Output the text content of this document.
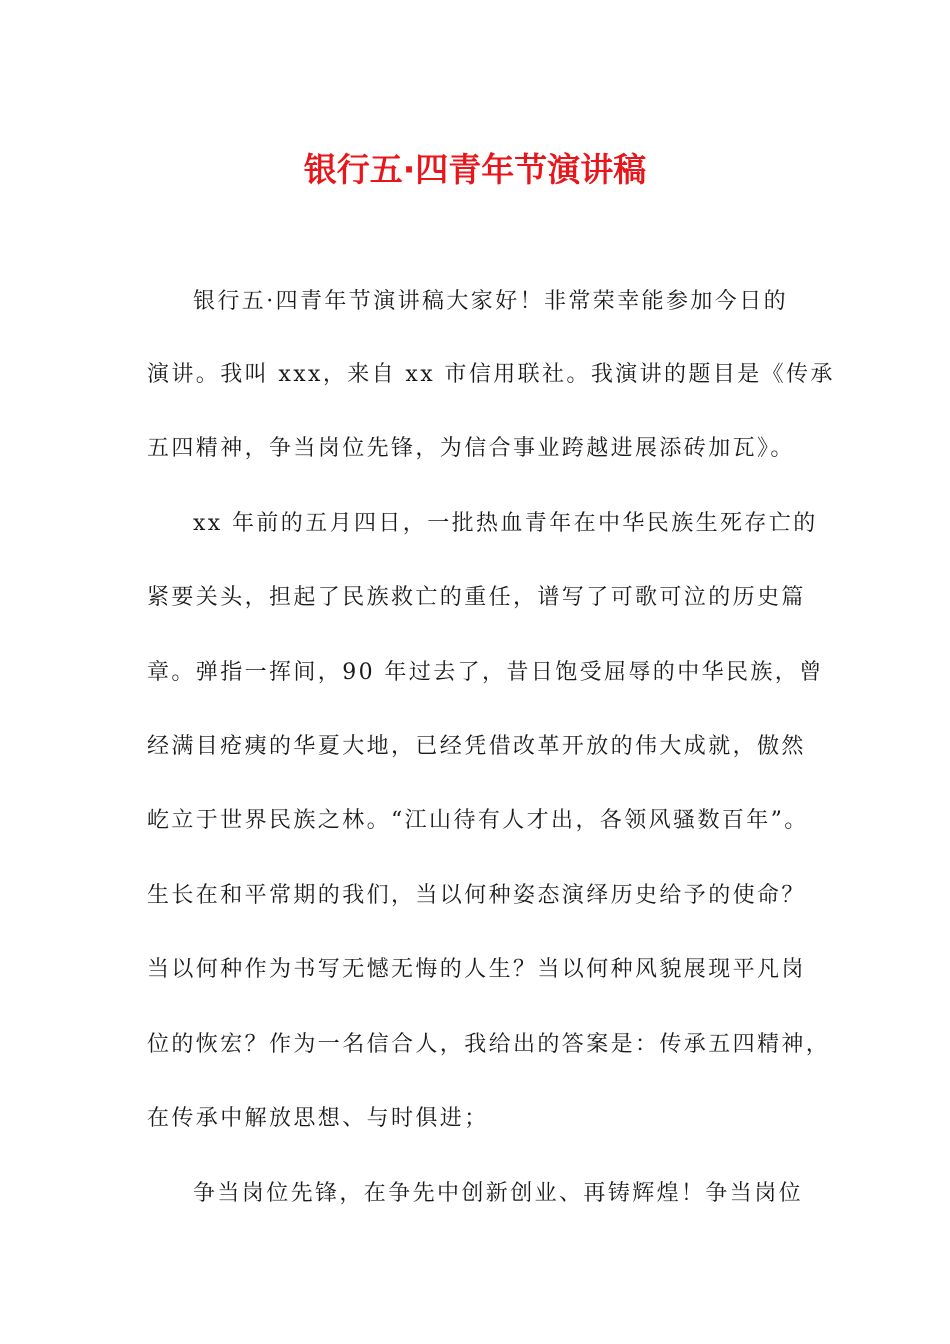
银行五·四青年节演讲稿
银行五·四青年节演讲稿大家好！非常荣幸能参加今日的
演讲。我叫 xxx，来自 xx 市信用联社。我演讲的题目是《传承
五四精神，争当岗位先锋，为信合事业跨越进展添砖加瓦》。
xx 年前的五月四日，一批热血青年在中华民族生死存亡的
紧要关头，担起了民族救亡的重任，谱写了可歌可泣的历史篇
章。弹指一挥间，90 年过去了，昔日饱受屈辱的中华民族，曾
经满目疮痍的华夏大地，已经凭借改革开放的伟大成就，傲然
屹立于世界民族之林。“江山待有人才出，各领风骚数百年”。
生长在和平常期的我们，当以何种姿态演绎历史给予的使命？
当以何种作为书写无憾无悔的人生？当以何种风貌展现平凡岗
位的恢宏？作为一名信合人，我给出的答案是：传承五四精神，
在传承中解放思想、与时俱进；
争当岗位先锋，在争先中创新创业、再铸辉煌！争当岗位
